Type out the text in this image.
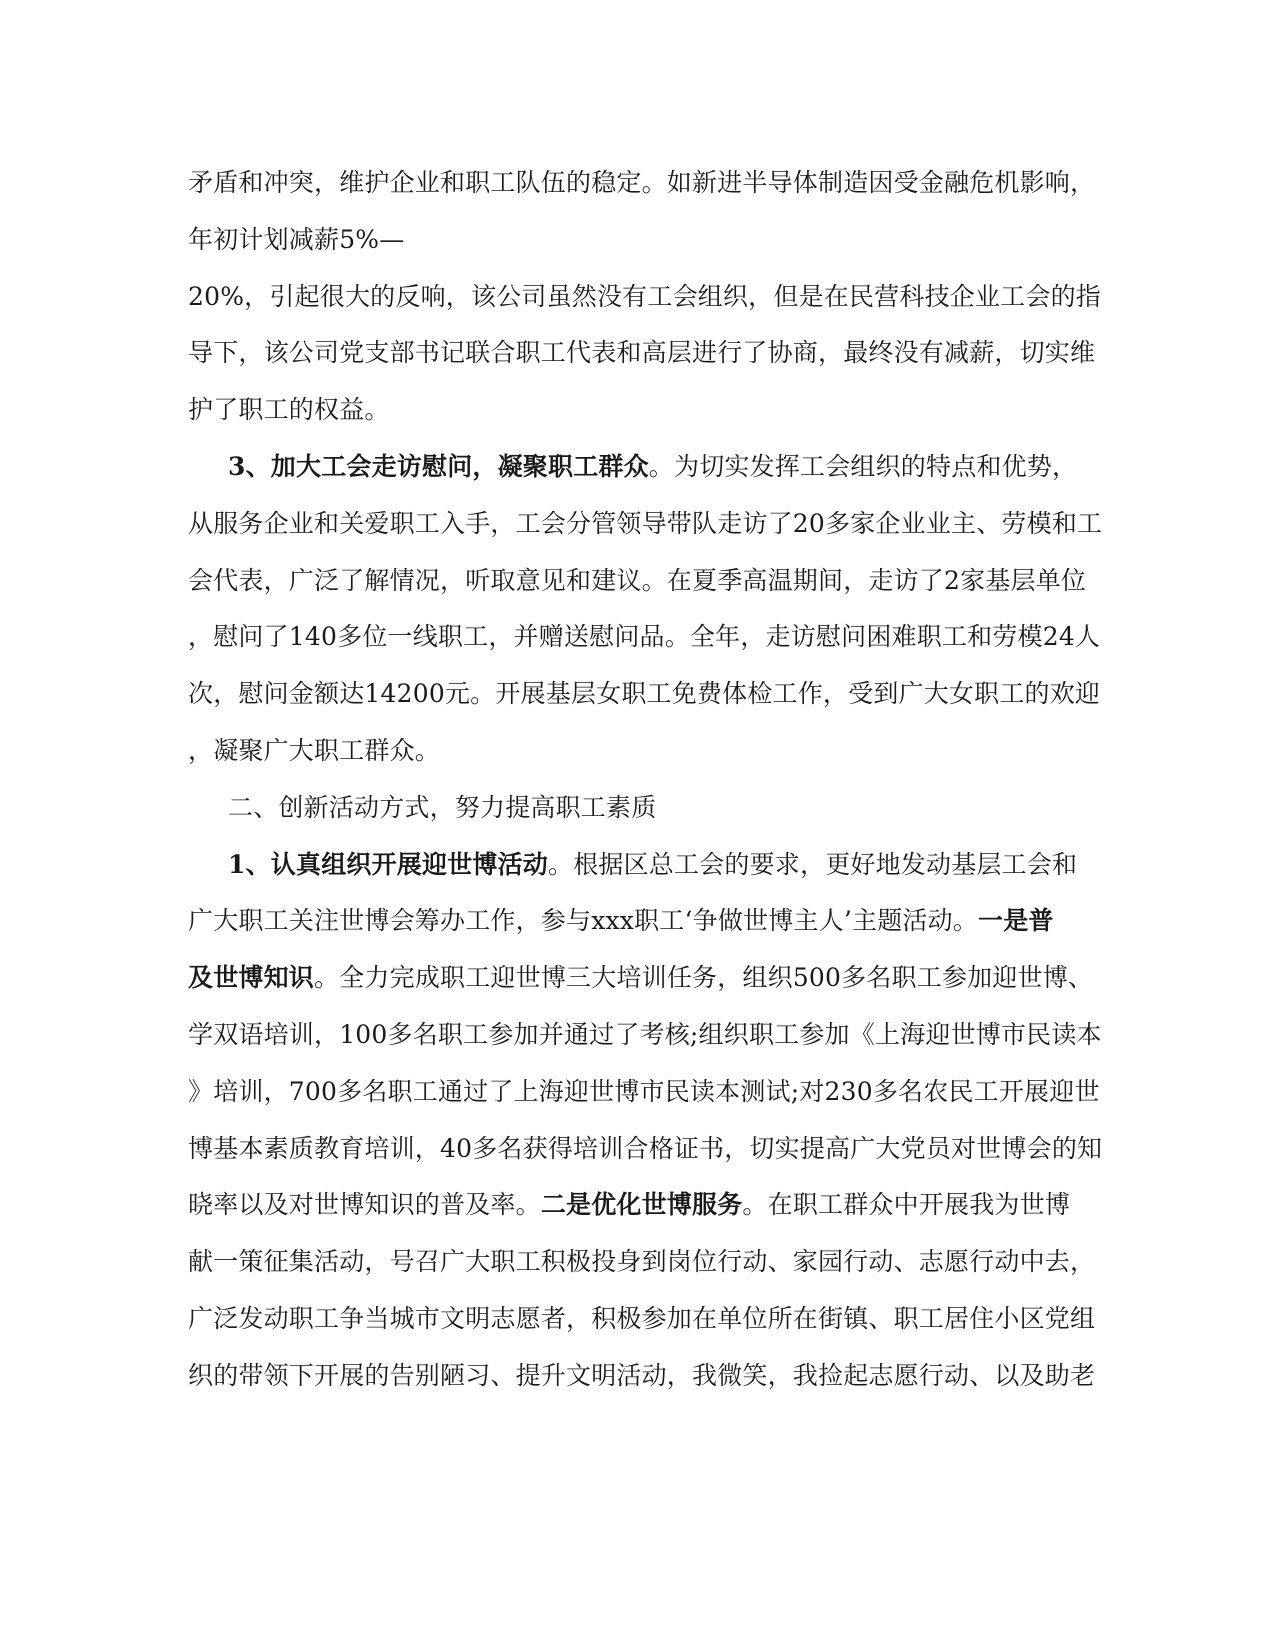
矛盾和冲突，维护企业和职工队伍的稳定。如新进半导体制造因受金融危机影响，
年初计划减薪5%—
20%，引起很大的反响，该公司虽然没有工会组织，但是在民营科技企业工会的指
导下，该公司党支部书记联合职工代表和高层进行了协商，最终没有减薪，切实维
护了职工的权益。
3、加大工会走访慰问，凝聚职工群众。为切实发挥工会组织的特点和优势，
从服务企业和关爱职工入手，工会分管领导带队走访了20多家企业业主、劳模和工
会代表，广泛了解情况，听取意见和建议。在夏季高温期间，走访了2家基层单位
，慰问了140多位一线职工，并赠送慰问品。全年，走访慰问困难职工和劳模24人
次，慰问金额达14200元。开展基层女职工免费体检工作，受到广大女职工的欢迎
，凝聚广大职工群众。
二、创新活动方式，努力提高职工素质
1、认真组织开展迎世博活动。根据区总工会的要求，更好地发动基层工会和
广大职工关注世博会筹办工作，参与xxx职工‘争做世博主人’主题活动。一是普
及世博知识。全力完成职工迎世博三大培训任务，组织500多名职工参加迎世博、
学双语培训，100多名职工参加并通过了考核;组织职工参加《上海迎世博市民读本
》培训，700多名职工通过了上海迎世博市民读本测试;对230多名农民工开展迎世
博基本素质教育培训，40多名获得培训合格证书，切实提高广大党员对世博会的知
晓率以及对世博知识的普及率。二是优化世博服务。在职工群众中开展我为世博
献一策征集活动，号召广大职工积极投身到岗位行动、家园行动、志愿行动中去，
广泛发动职工争当城市文明志愿者，积极参加在单位所在街镇、职工居住小区党组
织的带领下开展的告别陋习、提升文明活动，我微笑，我捡起志愿行动、以及助老
